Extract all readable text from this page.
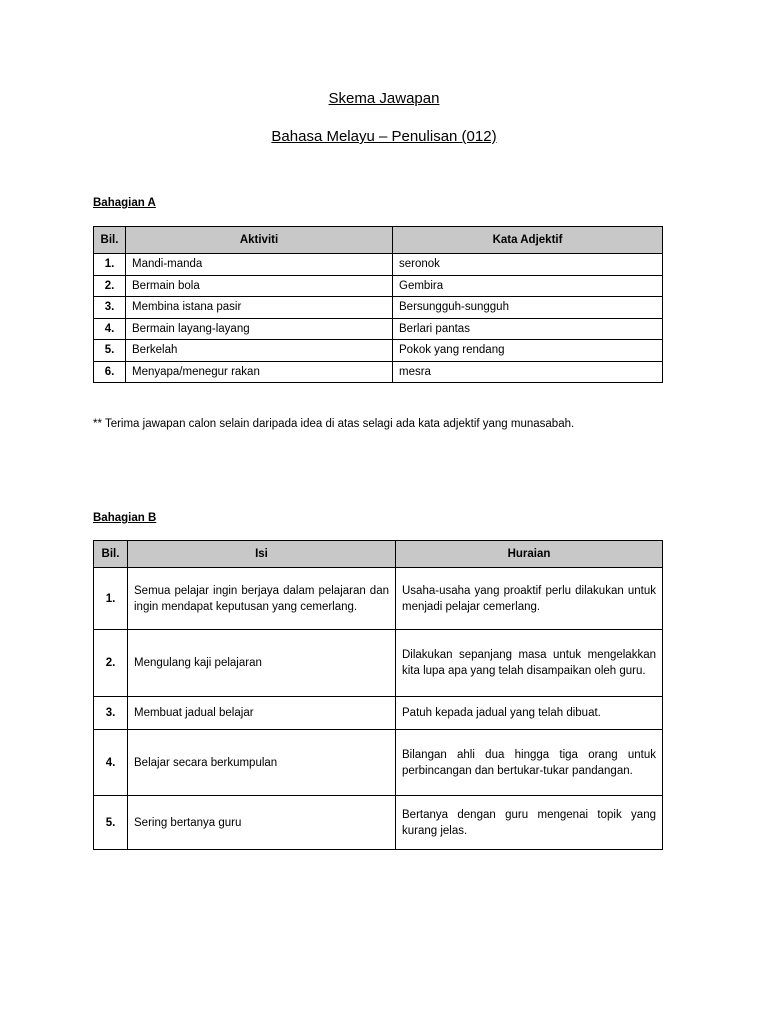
Skema Jawapan
Bahasa Melayu – Penulisan (012)
Bahagian A
Bil.	Aktiviti	Kata Adjektif
1.	Mandi-manda	seronok
2.	Bermain bola	Gembira
3.	Membina istana pasir	Bersungguh-sungguh
4.	Bermain layang-layang	Berlari pantas
5.	Berkelah	Pokok yang rendang
6.	Menyapa/menegur rakan	mesra
** Terima jawapan calon selain daripada idea di atas selagi ada kata adjektif yang munasabah.
Bahagian B
Bil.	Isi	Huraian
1.	Semua pelajar ingin berjaya dalam pelajaran dan ingin mendapat keputusan yang cemerlang.	Usaha-usaha yang proaktif perlu dilakukan untuk menjadi pelajar cemerlang.
2.	Mengulang kaji pelajaran	Dilakukan sepanjang masa untuk mengelakkan kita lupa apa yang telah disampaikan oleh guru.
3.	Membuat jadual belajar	Patuh kepada jadual yang telah dibuat.
4.	Belajar secara berkumpulan	Bilangan ahli dua hingga tiga orang untuk perbincangan dan bertukar-tukar pandangan.
5.	Sering bertanya guru	Bertanya dengan guru mengenai topik yang kurang jelas.
